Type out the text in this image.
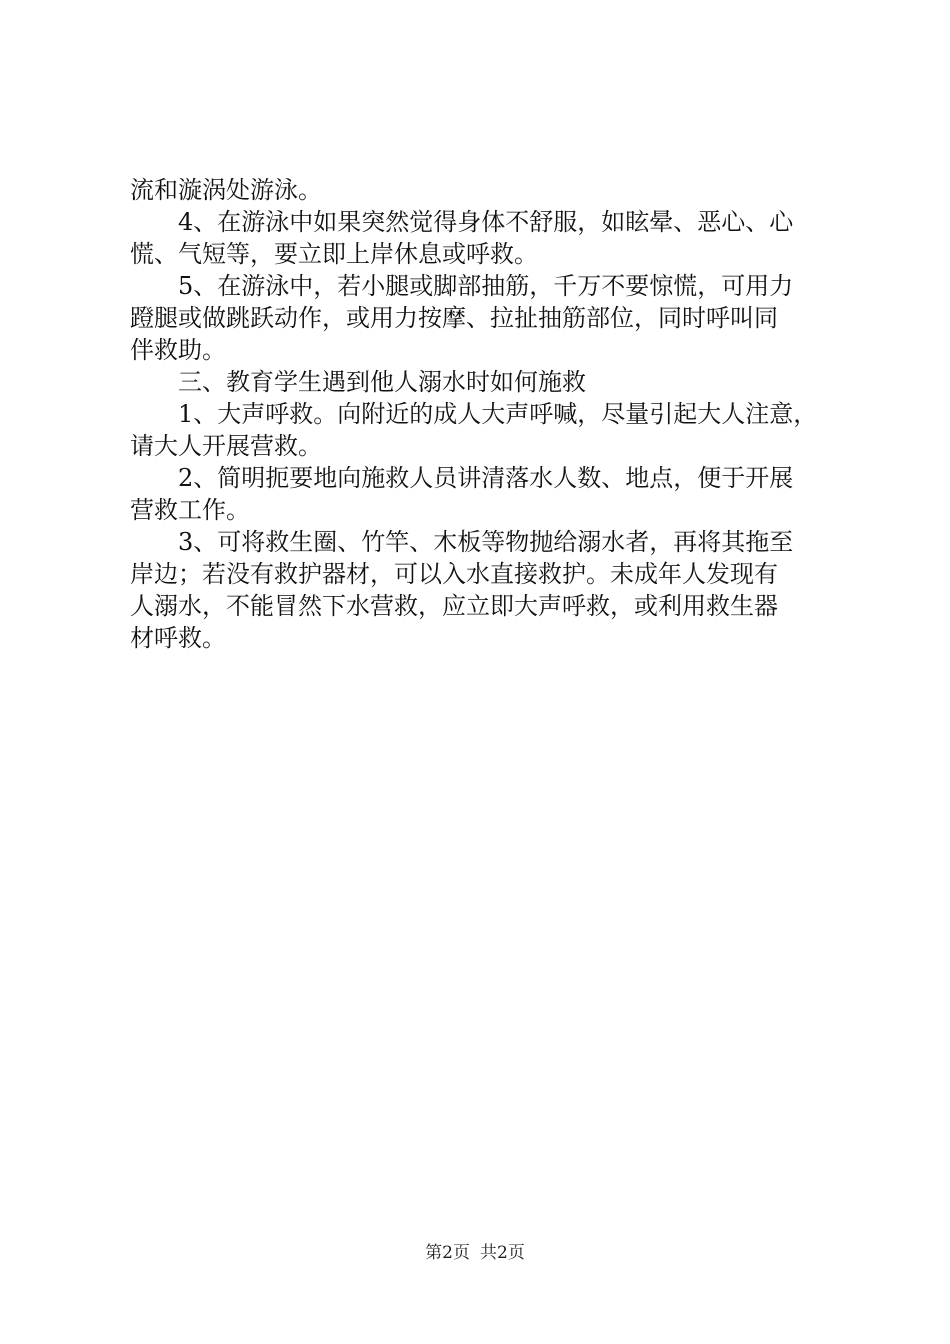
流和漩涡处游泳。
4、在游泳中如果突然觉得身体不舒服，如眩晕、恶心、心
慌、气短等，要立即上岸休息或呼救。
5、在游泳中，若小腿或脚部抽筋，千万不要惊慌，可用力
蹬腿或做跳跃动作，或用力按摩、拉扯抽筋部位，同时呼叫同
伴救助。
三、教育学生遇到他人溺水时如何施救
1、大声呼救。向附近的成人大声呼喊，尽量引起大人注意，
请大人开展营救。
2、简明扼要地向施救人员讲清落水人数、地点，便于开展
营救工作。
3、可将救生圈、竹竿、木板等物抛给溺水者，再将其拖至
岸边；若没有救护器材，可以入水直接救护。未成年人发现有
人溺水，不能冒然下水营救，应立即大声呼救，或利用救生器
材呼救。
第2页 共2页
